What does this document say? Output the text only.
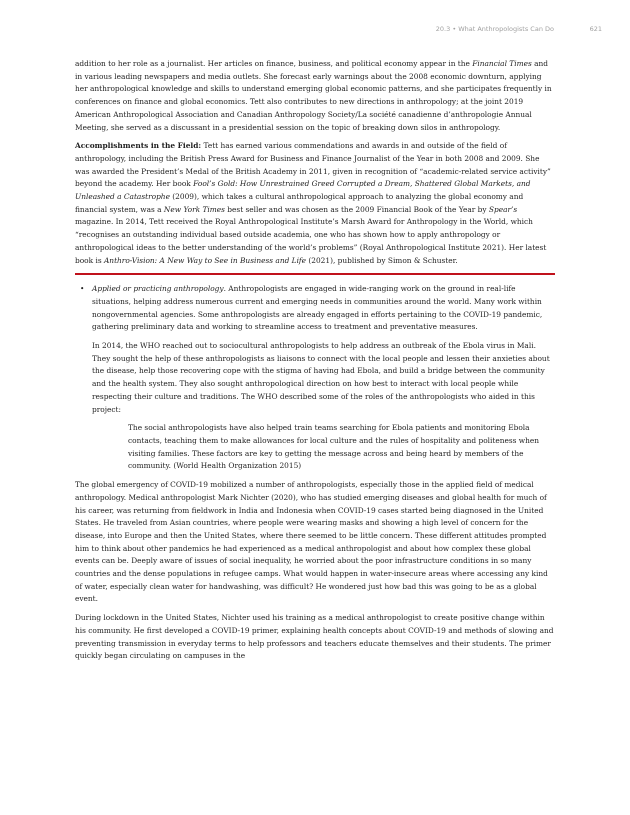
20.3 • What Anthropologists Can Do	621

addition to her role as a journalist. Her articles on finance, business, and political economy appear in the Financial Times and in various leading newspapers and media outlets. She forecast early warnings about the 2008 economic downturn, applying her anthropological knowledge and skills to understand emerging global economic patterns, and she participates frequently in conferences on finance and global economics. Tett also contributes to new directions in anthropology; at the joint 2019 American Anthropological Association and Canadian Anthropology Society/La société canadienne d’anthropologie Annual Meeting, she served as a discussant in a presidential session on the topic of breaking down silos in anthropology.

Accomplishments in the Field: Tett has earned various commendations and awards in and outside of the field of anthropology, including the British Press Award for Business and Finance Journalist of the Year in both 2008 and 2009. She was awarded the President’s Medal of the British Academy in 2011, given in recognition of “academic-related service activity” beyond the academy. Her book Fool’s Gold: How Unrestrained Greed Corrupted a Dream, Shattered Global Markets, and Unleashed a Catastrophe (2009), which takes a cultural anthropological approach to analyzing the global economy and financial system, was a New York Times best seller and was chosen as the 2009 Financial Book of the Year by Spear’s magazine. In 2014, Tett received the Royal Anthropological Institute’s Marsh Award for Anthropology in the World, which “recognises an outstanding individual based outside academia, one who has shown how to apply anthropology or anthropological ideas to the better understanding of the world’s problems” (Royal Anthropological Institute 2021). Her latest book is Anthro-Vision: A New Way to See in Business and Life (2021), published by Simon & Schuster.

• Applied or practicing anthropology. Anthropologists are engaged in wide-ranging work on the ground in real-life situations, helping address numerous current and emerging needs in communities around the world. Many work within nongovernmental agencies. Some anthropologists are already engaged in efforts pertaining to the COVID-19 pandemic, gathering preliminary data and working to streamline access to treatment and preventative measures.

In 2014, the WHO reached out to sociocultural anthropologists to help address an outbreak of the Ebola virus in Mali. They sought the help of these anthropologists as liaisons to connect with the local people and lessen their anxieties about the disease, help those recovering cope with the stigma of having had Ebola, and build a bridge between the community and the health system. They also sought anthropological direction on how best to interact with local people while respecting their culture and traditions. The WHO described some of the roles of the anthropologists who aided in this project:

The social anthropologists have also helped train teams searching for Ebola patients and monitoring Ebola contacts, teaching them to make allowances for local culture and the rules of hospitality and politeness when visiting families. These factors are key to getting the message across and being heard by members of the community. (World Health Organization 2015)

The global emergency of COVID-19 mobilized a number of anthropologists, especially those in the applied field of medical anthropology. Medical anthropologist Mark Nichter (2020), who has studied emerging diseases and global health for much of his career, was returning from fieldwork in India and Indonesia when COVID-19 cases started being diagnosed in the United States. He traveled from Asian countries, where people were wearing masks and showing a high level of concern for the disease, into Europe and then the United States, where there seemed to be little concern. These different attitudes prompted him to think about other pandemics he had experienced as a medical anthropologist and about how complex these global events can be. Deeply aware of issues of social inequality, he worried about the poor infrastructure conditions in so many countries and the dense populations in refugee camps. What would happen in water-insecure areas where accessing any kind of water, especially clean water for handwashing, was difficult? He wondered just how bad this was going to be as a global event.

During lockdown in the United States, Nichter used his training as a medical anthropologist to create positive change within his community. He first developed a COVID-19 primer, explaining health concepts about COVID-19 and methods of slowing and preventing transmission in everyday terms to help professors and teachers educate themselves and their students. The primer quickly began circulating on campuses in the
